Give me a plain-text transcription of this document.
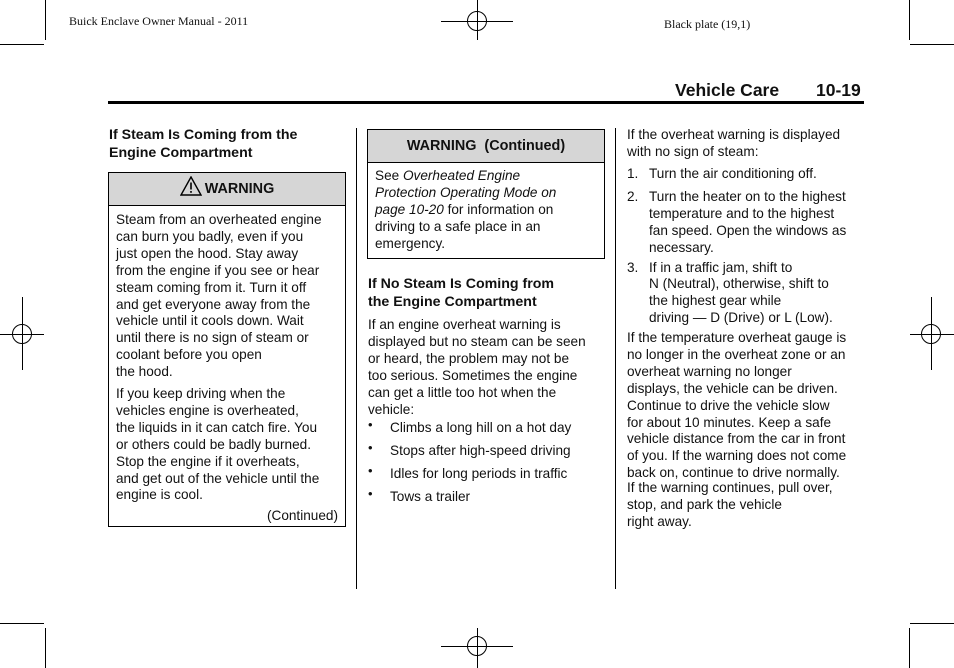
Buick Enclave Owner Manual - 2011	Black plate (19,1)
Vehicle Care 10-19
If Steam Is Coming from the
Engine Compartment
WARNING
Steam from an overheated engine
can burn you badly, even if you
just open the hood. Stay away
from the engine if you see or hear
steam coming from it. Turn it off
and get everyone away from the
vehicle until it cools down. Wait
until there is no sign of steam or
coolant before you open
the hood.
If you keep driving when the
vehicles engine is overheated,
the liquids in it can catch fire. You
or others could be badly burned.
Stop the engine if it overheats,
and get out of the vehicle until the
engine is cool.
(Continued)
WARNING  (Continued)
See Overheated Engine
Protection Operating Mode on
page 10-20 for information on
driving to a safe place in an
emergency.
If No Steam Is Coming from
the Engine Compartment
If an engine overheat warning is
displayed but no steam can be seen
or heard, the problem may not be
too serious. Sometimes the engine
can get a little too hot when the
vehicle:
• Climbs a long hill on a hot day
• Stops after high-speed driving
• Idles for long periods in traffic
• Tows a trailer
If the overheat warning is displayed
with no sign of steam:
1. Turn the air conditioning off.
2. Turn the heater on to the highest
temperature and to the highest
fan speed. Open the windows as
necessary.
3. If in a traffic jam, shift to
N (Neutral), otherwise, shift to
the highest gear while
driving — D (Drive) or L (Low).
If the temperature overheat gauge is
no longer in the overheat zone or an
overheat warning no longer
displays, the vehicle can be driven.
Continue to drive the vehicle slow
for about 10 minutes. Keep a safe
vehicle distance from the car in front
of you. If the warning does not come
back on, continue to drive normally.
If the warning continues, pull over,
stop, and park the vehicle
right away.
